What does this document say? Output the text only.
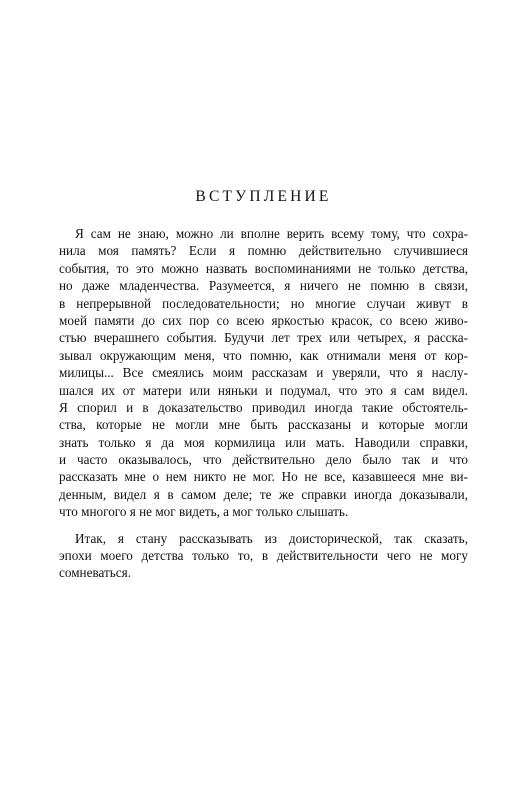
ВСТУПЛЕНИЕ
Я сам не знаю, можно ли вполне верить всему тому, что сохра-
нила моя память? Если я помню действительно случившиеся
события, то это можно назвать воспоминаниями не только детства,
но даже младенчества. Разумеется, я ничего не помню в связи,
в непрерывной последовательности; но многие случаи живут в
моей памяти до сих пор со всею яркостью красок, со всею живо-
стью вчерашнего события. Будучи лет трех или четырех, я расска-
зывал окружающим меня, что помню, как отнимали меня от кор-
милицы... Все смеялись моим рассказам и уверяли, что я наслу-
шался их от матери или няньки и подумал, что это я сам видел.
Я спорил и в доказательство приводил иногда такие обстоятель-
ства, которые не могли мне быть рассказаны и которые могли
знать только я да моя кормилица или мать. Наводили справки,
и часто оказывалось, что действительно дело было так и что
рассказать мне о нем никто не мог. Но не все, казавшееся мне ви-
денным, видел я в самом деле; те же справки иногда доказывали,
что многого я не мог видеть, а мог только слышать.
Итак, я стану рассказывать из доисторической, так сказать,
эпохи моего детства только то, в действительности чего не могу
сомневаться.
